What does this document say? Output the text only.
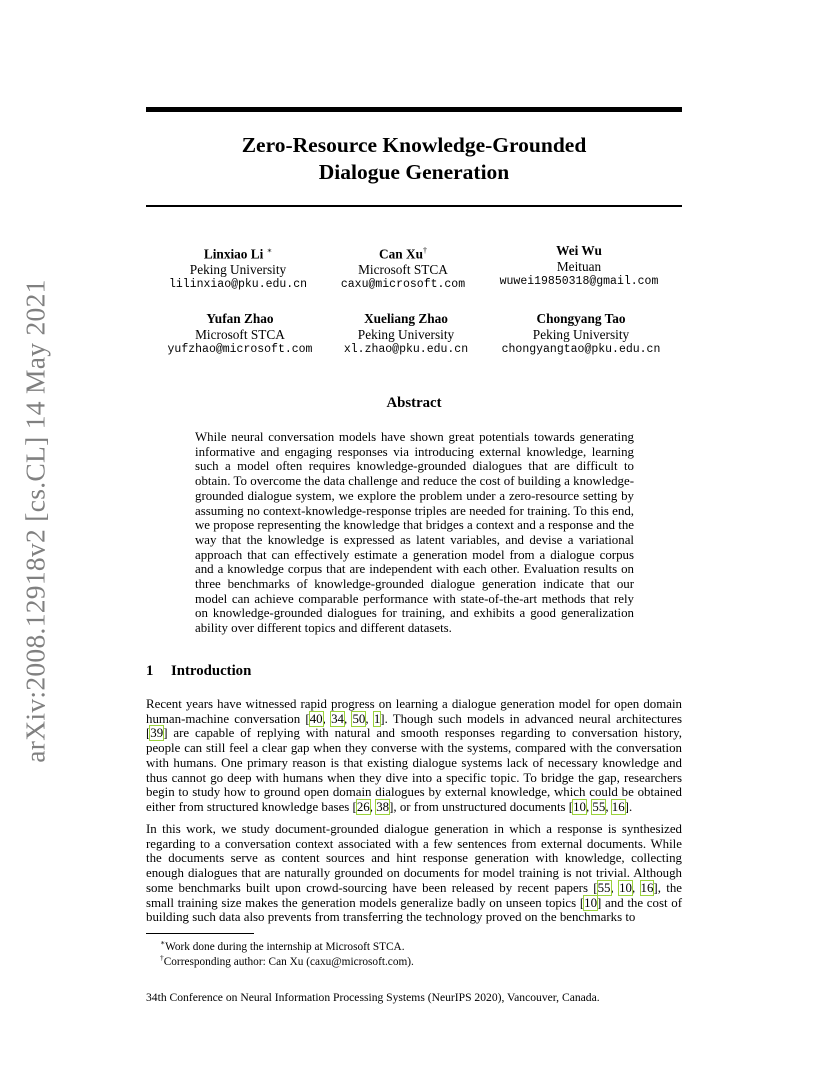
arXiv:2008.12918v2 [cs.CL] 14 May 2021
Zero-Resource Knowledge-Grounded
Dialogue Generation
Linxiao Li ∗
Peking University
lilinxiao@pku.edu.cn
Can Xu†
Microsoft STCA
caxu@microsoft.com
Wei Wu
Meituan
wuwei19850318@gmail.com
Yufan Zhao
Microsoft STCA
yufzhao@microsoft.com
Xueliang Zhao
Peking University
xl.zhao@pku.edu.cn
Chongyang Tao
Peking University
chongyangtao@pku.edu.cn
Abstract
While neural conversation models have shown great potentials towards generating informative and engaging responses via introducing external knowledge, learning such a model often requires knowledge-grounded dialogues that are difficult to obtain. To overcome the data challenge and reduce the cost of building a knowledge-grounded dialogue system, we explore the problem under a zero-resource setting by assuming no context-knowledge-response triples are needed for training. To this end, we propose representing the knowledge that bridges a context and a response and the way that the knowledge is expressed as latent variables, and devise a variational approach that can effectively estimate a generation model from a dialogue corpus and a knowledge corpus that are independent with each other. Evaluation results on three benchmarks of knowledge-grounded dialogue generation indicate that our model can achieve comparable performance with state-of-the-art methods that rely on knowledge-grounded dialogues for training, and exhibits a good generalization ability over different topics and different datasets.
1 Introduction
Recent years have witnessed rapid progress on learning a dialogue generation model for open domain human-machine conversation [40, 34, 50, 1]. Though such models in advanced neural architectures [39] are capable of replying with natural and smooth responses regarding to conversation history, people can still feel a clear gap when they converse with the systems, compared with the conversation with humans. One primary reason is that existing dialogue systems lack of necessary knowledge and thus cannot go deep with humans when they dive into a specific topic. To bridge the gap, researchers begin to study how to ground open domain dialogues by external knowledge, which could be obtained either from structured knowledge bases [26, 38], or from unstructured documents [10, 55, 16].
In this work, we study document-grounded dialogue generation in which a response is synthesized regarding to a conversation context associated with a few sentences from external documents. While the documents serve as content sources and hint response generation with knowledge, collecting enough dialogues that are naturally grounded on documents for model training is not trivial. Although some benchmarks built upon crowd-sourcing have been released by recent papers [55, 10, 16], the small training size makes the generation models generalize badly on unseen topics [10] and the cost of building such data also prevents from transferring the technology proved on the benchmarks to
∗Work done during the internship at Microsoft STCA.
†Corresponding author: Can Xu (caxu@microsoft.com).
34th Conference on Neural Information Processing Systems (NeurIPS 2020), Vancouver, Canada.
